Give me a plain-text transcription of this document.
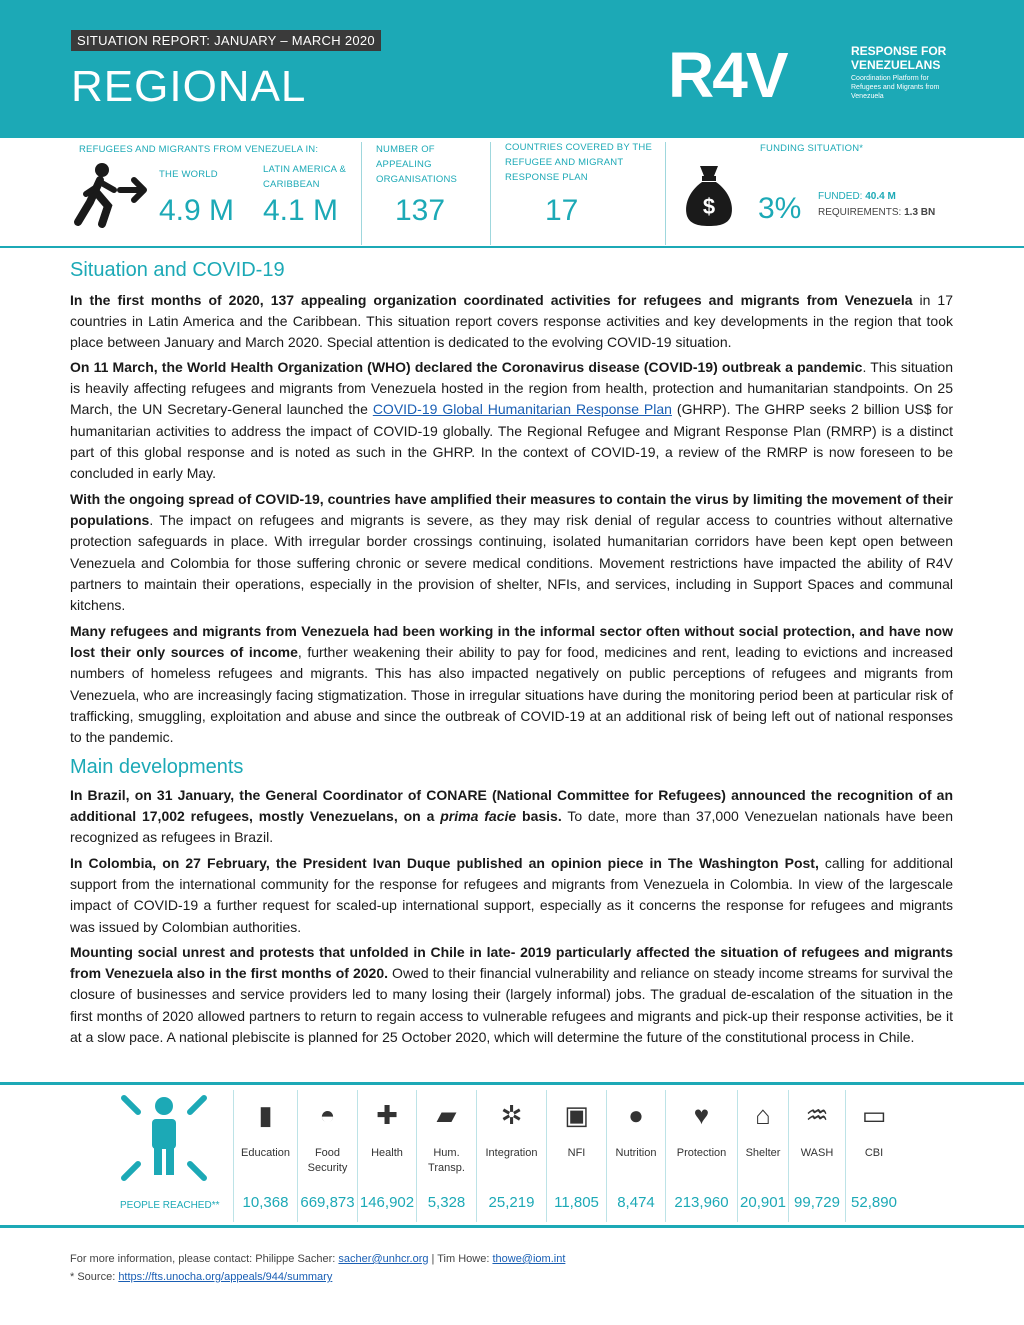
SITUATION REPORT: JANUARY – MARCH 2020
REGIONAL	R4V	RESPONSE FOR
VENEZUELANS
Coordination Platform for Refugees and Migrants from Venezuela
REFUGEES AND MIGRANTS FROM VENEZUELA IN:
THE WORLD
4.9 M
LATIN AMERICA & CARIBBEAN
4.1 M
NUMBER OF APPEALING ORGANISATIONS
137
COUNTRIES COVERED BY THE REFUGEE AND MIGRANT RESPONSE PLAN
17
FUNDING SITUATION*
$ 3% FUNDED: 40.4 M
REQUIREMENTS: 1.3 BN
Situation and COVID-19
In the first months of 2020, 137 appealing organization coordinated activities for refugees and migrants from Venezuela in 17 countries in Latin America and the Caribbean. This situation report covers response activities and key developments in the region that took place between January and March 2020. Special attention is dedicated to the evolving COVID-19 situation.
On 11 March, the World Health Organization (WHO) declared the Coronavirus disease (COVID-19) outbreak a pandemic. This situation is heavily affecting refugees and migrants from Venezuela hosted in the region from health, protection and humanitarian standpoints. On 25 March, the UN Secretary-General launched the COVID-19 Global Humanitarian Response Plan (GHRP). The GHRP seeks 2 billion US$ for humanitarian activities to address the impact of COVID-19 globally. The Regional Refugee and Migrant Response Plan (RMRP) is a distinct part of this global response and is noted as such in the GHRP. In the context of COVID-19, a review of the RMRP is now foreseen to be concluded in early May.
With the ongoing spread of COVID-19, countries have amplified their measures to contain the virus by limiting the movement of their populations. The impact on refugees and migrants is severe, as they may risk denial of regular access to countries without alternative protection safeguards in place. With irregular border crossings continuing, isolated humanitarian corridors have been kept open between Venezuela and Colombia for those suffering chronic or severe medical conditions. Movement restrictions have impacted the ability of R4V partners to maintain their operations, especially in the provision of shelter, NFIs, and services, including in Support Spaces and communal kitchens.
Many refugees and migrants from Venezuela had been working in the informal sector often without social protection, and have now lost their only sources of income, further weakening their ability to pay for food, medicines and rent, leading to evictions and increased numbers of homeless refugees and migrants. This has also impacted negatively on public perceptions of refugees and migrants from Venezuela, who are increasingly facing stigmatization. Those in irregular situations have during the monitoring period been at particular risk of trafficking, smuggling, exploitation and abuse and since the outbreak of COVID-19 at an additional risk of being left out of national responses to the pandemic.
Main developments
In Brazil, on 31 January, the General Coordinator of CONARE (National Committee for Refugees) announced the recognition of an additional 17,002 refugees, mostly Venezuelans, on a prima facie basis. To date, more than 37,000 Venezuelan nationals have been recognized as refugees in Brazil.
In Colombia, on 27 February, the President Ivan Duque published an opinion piece in The Washington Post, calling for additional support from the international community for the response for refugees and migrants from Venezuela in Colombia. In view of the largescale impact of COVID-19 a further request for scaled-up international support, especially as it concerns the response for refugees and migrants was issued by Colombian authorities.
Mounting social unrest and protests that unfolded in Chile in late- 2019 particularly affected the situation of refugees and migrants from Venezuela also in the first months of 2020. Owed to their financial vulnerability and reliance on steady income streams for survival the closure of businesses and service providers led to many losing their (largely informal) jobs. The gradual de-escalation of the situation in the first months of 2020 allowed partners to return to regain access to vulnerable refugees and migrants and pick-up their response activities, be it at a slow pace. A national plebiscite is planned for 25 October 2020, which will determine the future of the constitutional process in Chile.
PEOPLE REACHED**
▮
Education
10,368
◓
Food Security
669,873
✚
Health
146,902
▰
Hum. Transp.
5,328
✲
Integration
25,219
▣
NFI
11,805
●
Nutrition
8,474
♥
Protection
213,960
⌂
Shelter
20,901
♒
WASH
99,729
▭
CBI
52,890
For more information, please contact: Philippe Sacher: sacher@unhcr.org | Tim Howe: thowe@iom.int
* Source: https://fts.unocha.org/appeals/944/summary
